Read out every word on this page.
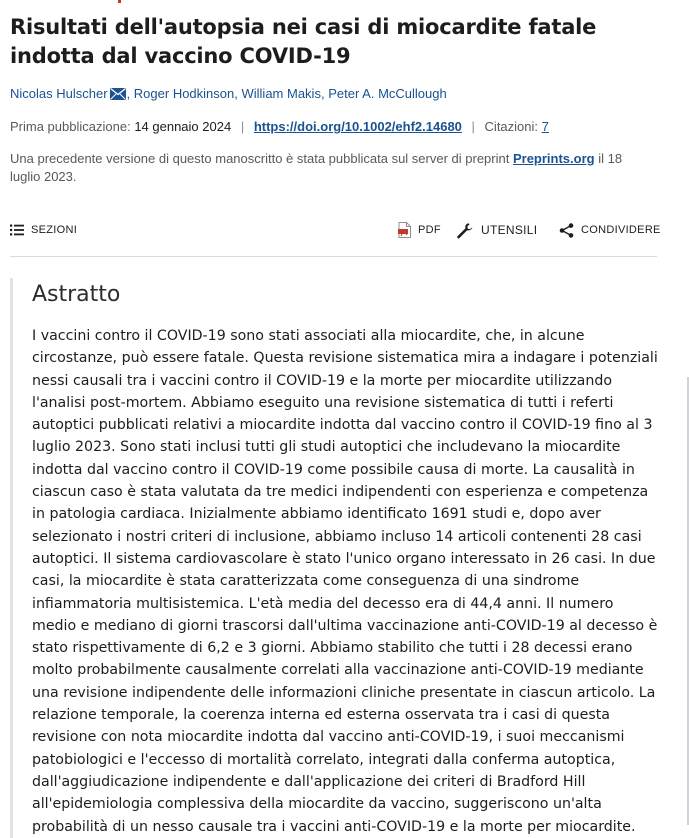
Risultati dell'autopsia nei casi di miocardite fatale indotta dal vaccino COVID-19
Nicolas Hulscher , Roger Hodkinson, William Makis, Peter A. McCullough
Prima pubblicazione: 14 gennaio 2024 | https://doi.org/10.1002/ehf2.14680 | Citazioni: 7
Una precedente versione di questo manoscritto è stata pubblicata sul server di preprint Preprints.org il 18 luglio 2023.
SEZIONI	PDF	UTENSILI	CONDIVIDERE
Astratto

I vaccini contro il COVID-19 sono stati associati alla miocardite, che, in alcune circostanze, può essere fatale. Questa revisione sistematica mira a indagare i potenziali nessi causali tra i vaccini contro il COVID-19 e la morte per miocardite utilizzando l'analisi post-mortem. Abbiamo eseguito una revisione sistematica di tutti i referti autoptici pubblicati relativi a miocardite indotta dal vaccino contro il COVID-19 fino al 3 luglio 2023. Sono stati inclusi tutti gli studi autoptici che includevano la miocardite indotta dal vaccino contro il COVID-19 come possibile causa di morte. La causalità in ciascun caso è stata valutata da tre medici indipendenti con esperienza e competenza in patologia cardiaca. Inizialmente abbiamo identificato 1691 studi e, dopo aver selezionato i nostri criteri di inclusione, abbiamo incluso 14 articoli contenenti 28 casi autoptici. Il sistema cardiovascolare è stato l'unico organo interessato in 26 casi. In due casi, la miocardite è stata caratterizzata come conseguenza di una sindrome infiammatoria multisistemica. L'età media del decesso era di 44,4 anni. Il numero medio e mediano di giorni trascorsi dall'ultima vaccinazione anti-COVID-19 al decesso è stato rispettivamente di 6,2 e 3 giorni. Abbiamo stabilito che tutti i 28 decessi erano molto probabilmente causalmente correlati alla vaccinazione anti-COVID-19 mediante una revisione indipendente delle informazioni cliniche presentate in ciascun articolo. La relazione temporale, la coerenza interna ed esterna osservata tra i casi di questa revisione con nota miocardite indotta dal vaccino anti-COVID-19, i suoi meccanismi patobiologici e l'eccesso di mortalità correlato, integrati dalla conferma autoptica, dall'aggiudicazione indipendente e dall'applicazione dei criteri di Bradford Hill all'epidemiologia complessiva della miocardite da vaccino, suggeriscono un'alta probabilità di un nesso causale tra i vaccini anti-COVID-19 e la morte per miocardite.
